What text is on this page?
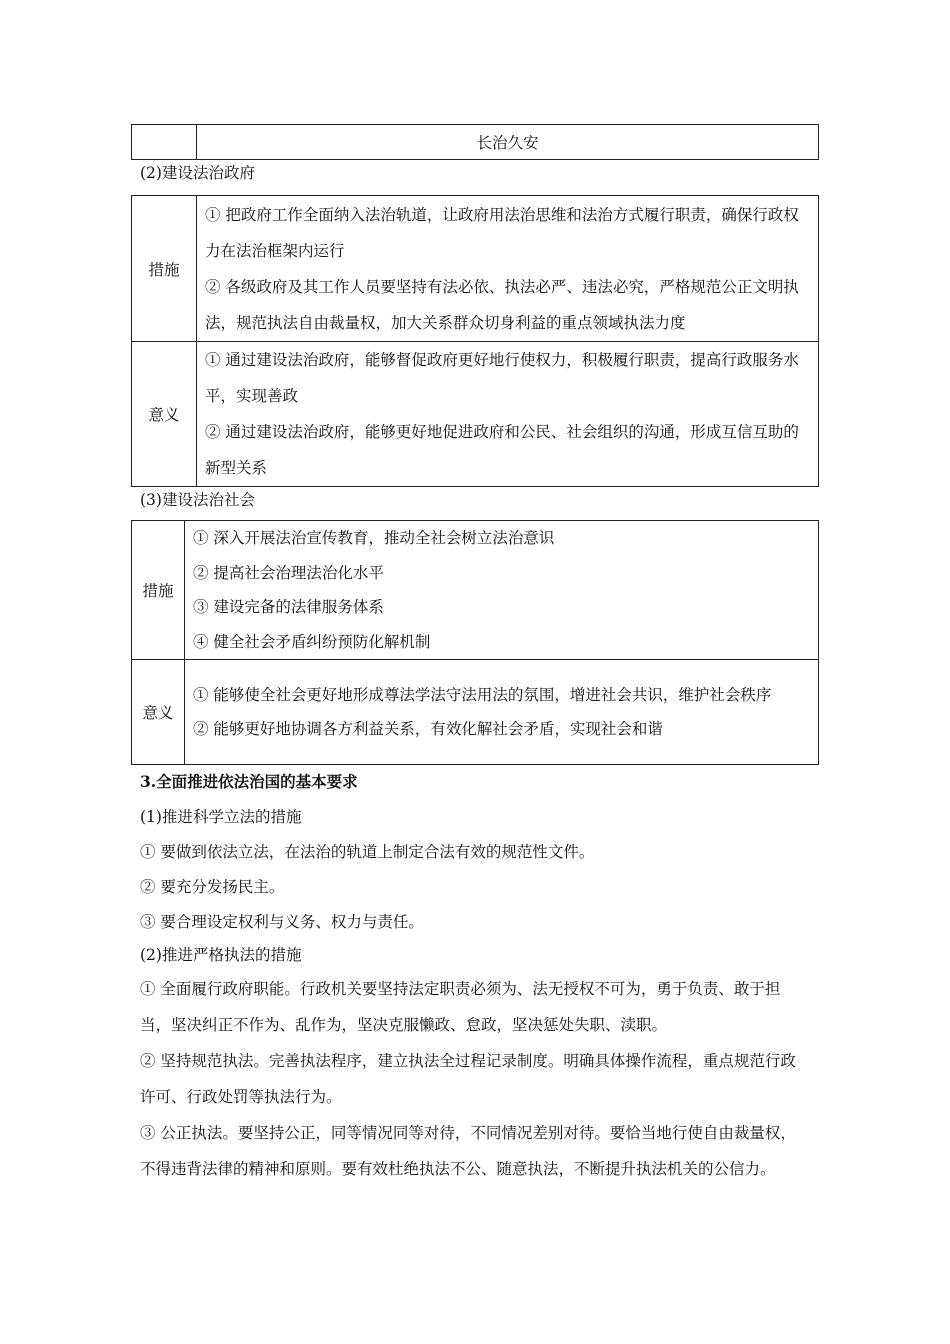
	长治久安

(2)建设法治政府

措施	① 把政府工作全面纳入法治轨道，让政府用法治思维和法治方式履行职责，确保行政权力在法治框架内运行

② 各级政府及其工作人员要坚持有法必依、执法必严、违法必究，严格规范公正文明执法，规范执法自由裁量权，加大关系群众切身利益的重点领域执法力度

意义	① 通过建设法治政府，能够督促政府更好地行使权力，积极履行职责，提高行政服务水平，实现善政

② 通过建设法治政府，能够更好地促进政府和公民、社会组织的沟通，形成互信互助的新型关系

(3)建设法治社会

措施	① 深入开展法治宣传教育，推动全社会树立法治意识

② 提高社会治理法治化水平

③ 建设完备的法律服务体系

④ 健全社会矛盾纠纷预防化解机制

意义	① 能够使全社会更好地形成尊法学法守法用法的氛围，增进社会共识，维护社会秩序

② 能够更好地协调各方利益关系，有效化解社会矛盾，实现社会和谐

3.全面推进依法治国的基本要求

(1)推进科学立法的措施

① 要做到依法立法，在法治的轨道上制定合法有效的规范性文件。

② 要充分发扬民主。

③ 要合理设定权利与义务、权力与责任。

(2)推进严格执法的措施

① 全面履行政府职能。行政机关要坚持法定职责必须为、法无授权不可为，勇于负责、敢于担当，坚决纠正不作为、乱作为，坚决克服懒政、怠政，坚决惩处失职、渎职。

② 坚持规范执法。完善执法程序，建立执法全过程记录制度。明确具体操作流程，重点规范行政许可、行政处罚等执法行为。

③ 公正执法。要坚持公正，同等情况同等对待，不同情况差别对待。要恰当地行使自由裁量权，不得违背法律的精神和原则。要有效杜绝执法不公、随意执法，不断提升执法机关的公信力。
